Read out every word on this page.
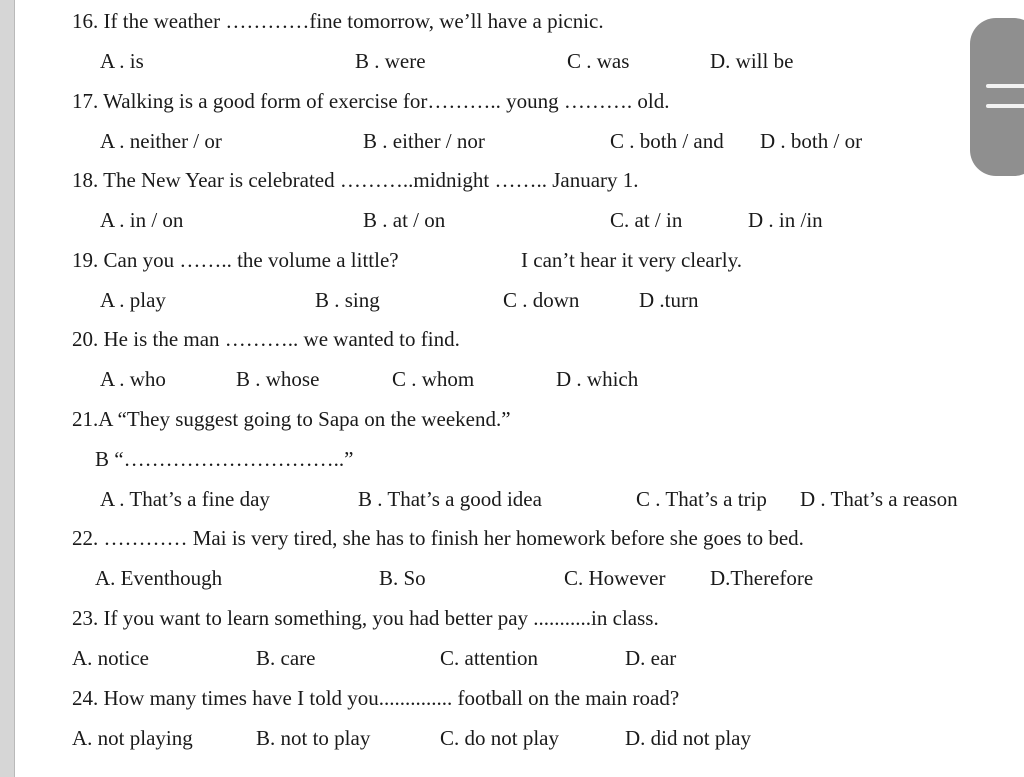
16. If the weather …………fine tomorrow, we’ll have a picnic.
A . is	B . were	C . was	D. will be
17. Walking is a good form of exercise for……….. young ………. old.
A . neither / or	B . either / nor	C . both / and D . both / or
18. The New Year is celebrated ………..midnight …….. January 1.
A . in / on	B . at / on	C. at / in	D . in /in
19. Can you …….. the volume a little?	I can’t hear it very clearly.
A . play	B . sing	C . down	D .turn
20. He is the man ……….. we wanted to find.
A . who	B . whose	C . whom	D . which
21.A “They suggest going to Sapa on the weekend.”
B “…………………………..”
A . That’s a fine day	B . That’s a good idea	C . That’s a trip D . That’s a reason
22. ………… Mai is very tired, she has to finish her homework before she goes to bed.
A. Eventhough	B. So	C. However D.Therefore
23. If you want to learn something, you had better pay ...........in class.
A. notice	B. care	C. attention	D. ear
24. How many times have I told you.............. football on the main road?
A. not playing	B. not to play	C. do not play	D. did not play
